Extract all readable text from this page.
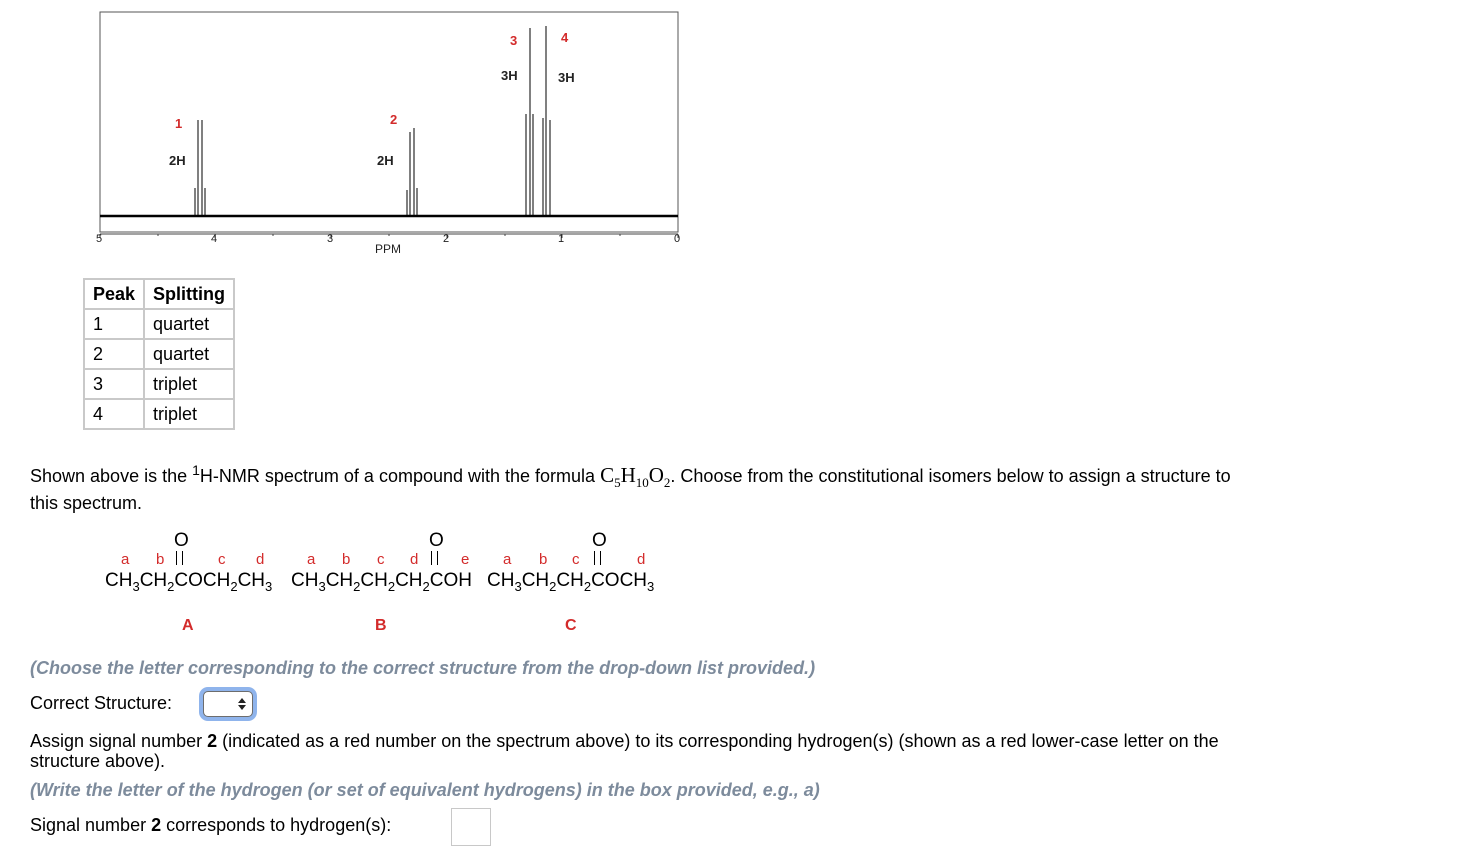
5	4	3	2	1	0
PPM
1
2H
2
2H
3
3H
4
3H
Peak	Splitting
1	quartet
2	quartet
3	triplet
4	triplet
Shown above is the $^1$H-NMR spectrum of a compound with the formula $C_5H_{10}O_2$. Choose from the constitutional isomers below to assign a structure to
this spectrum.
O
a b	c d
$CH_3CH_2COCH_2CH_3$
A
O
a b c d	e
$CH_3CH_2CH_2CH_2COH$
B
O
a b c	d
$CH_3CH_2CH_2COCH_3$
C
(Choose the letter corresponding to the correct structure from the drop-down list provided.)
Correct Structure:
Assign signal number 2 (indicated as a red number on the spectrum above) to its corresponding hydrogen(s) (shown as a red lower-case letter on the
structure above).
(Write the letter of the hydrogen (or set of equivalent hydrogens) in the box provided, e.g., a)
Signal number 2 corresponds to hydrogen(s):
